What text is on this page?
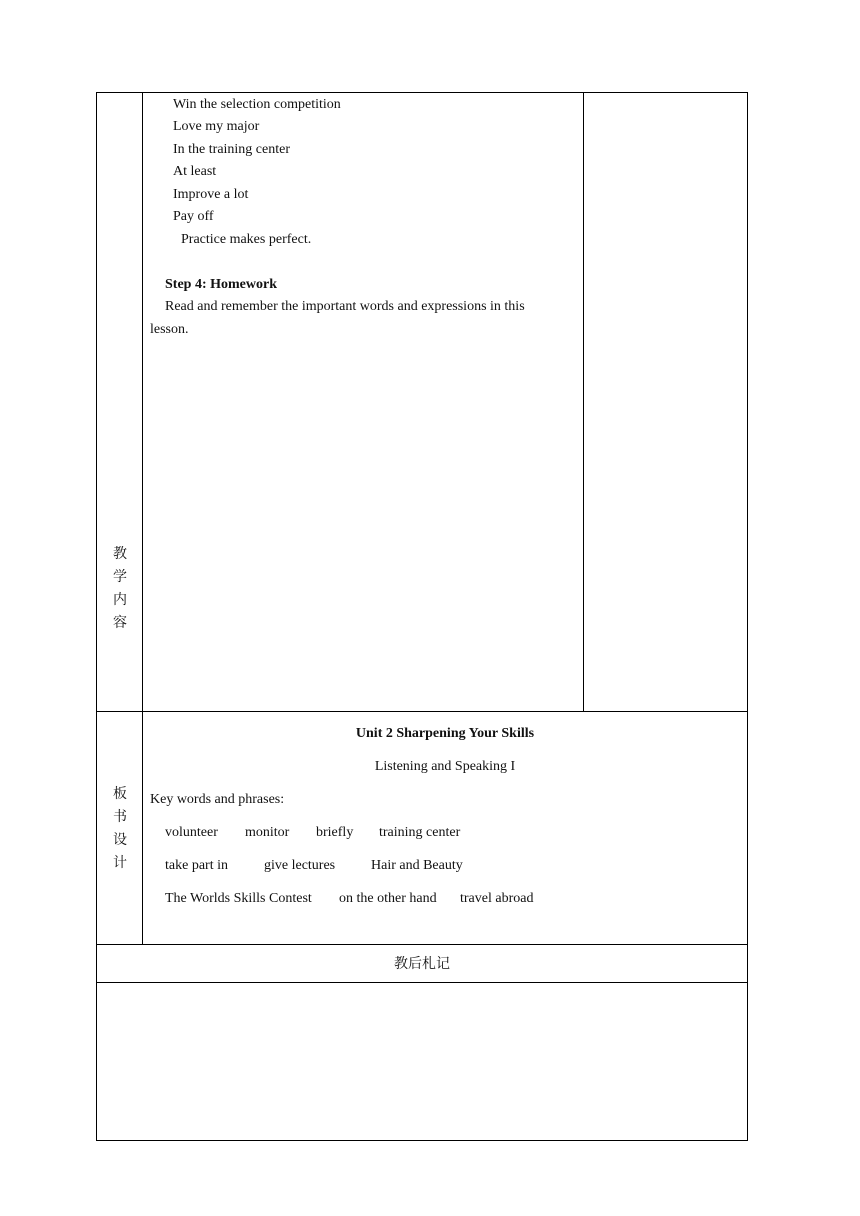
教
学
内
容
Win the selection competition
Love my major
In the training center
At least
Improve a lot
Pay off
Practice makes perfect.
Step 4: Homework
Read and remember the important words and expressions in this
lesson.
板
书
设
计
Unit 2 Sharpening Your Skills
Listening and Speaking I
Key words and phrases:
volunteer monitor briefly training center
take part in	give lectures	Hair and Beauty
The Worlds Skills Contest on the other hand travel abroad
教后札记
